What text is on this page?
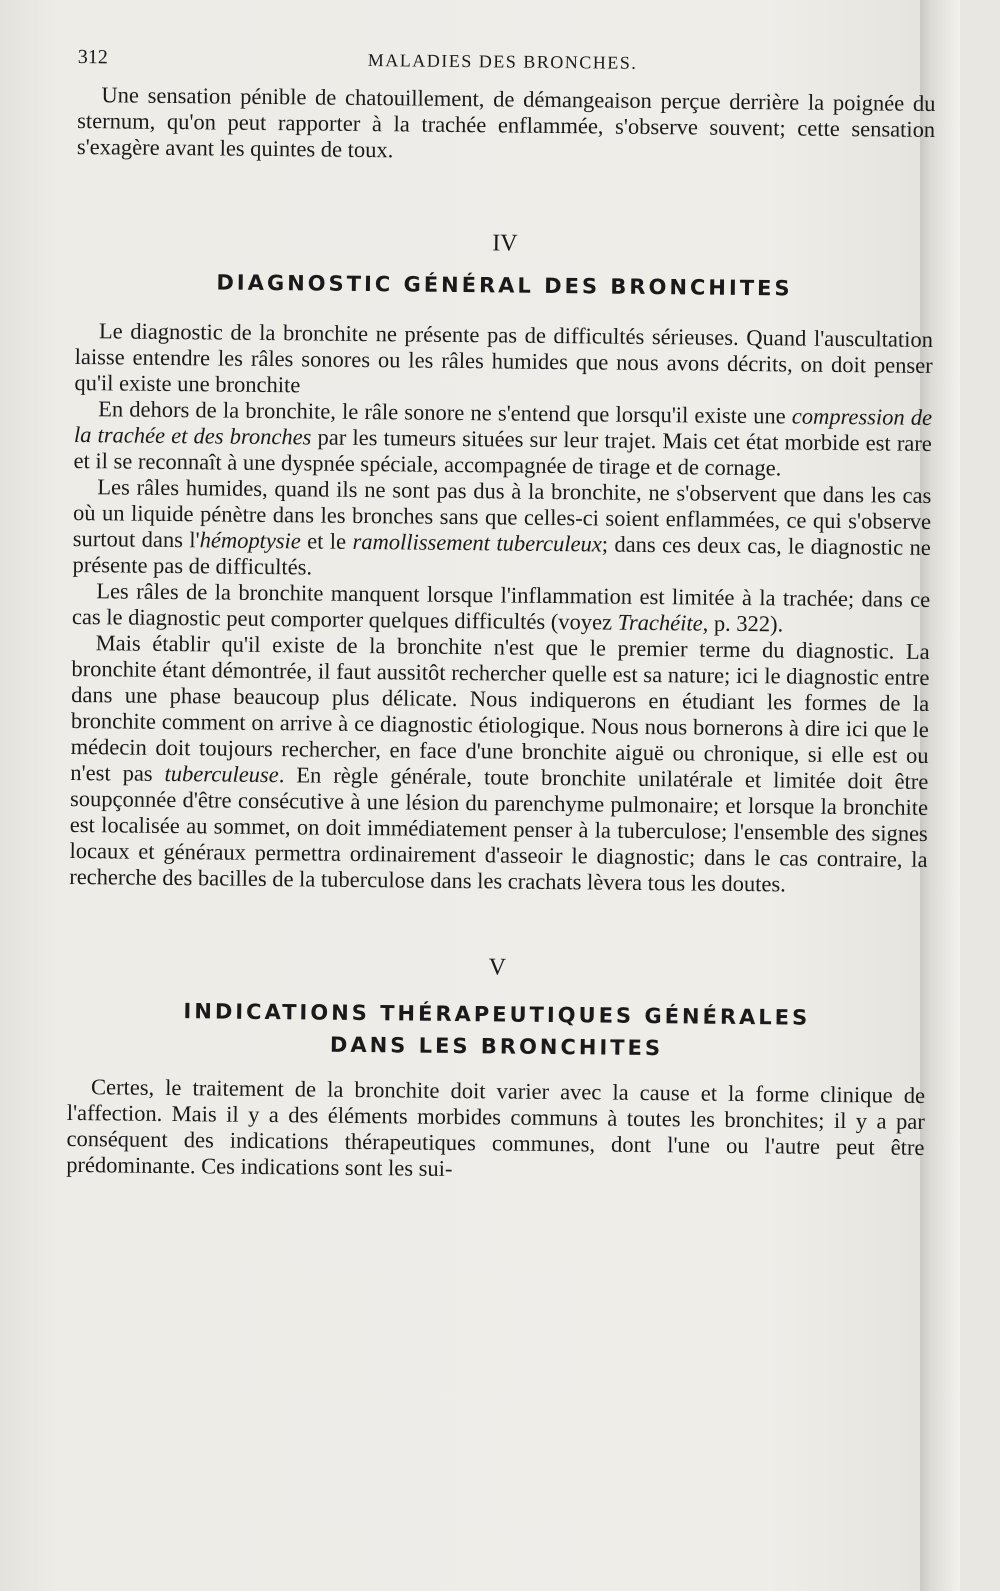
312	MALADIES DES BRONCHES.

Une sensation pénible de chatouillement, de démangeaison perçue derrière la poignée du sternum, qu'on peut rapporter à la trachée enflammée, s'observe souvent; cette sensation s'exagère avant les quintes de toux.

IV
DIAGNOSTIC GÉNÉRAL DES BRONCHITES

Le diagnostic de la bronchite ne présente pas de difficultés sérieuses. Quand l'auscultation laisse entendre les râles sonores ou les râles humides que nous avons décrits, on doit penser qu'il existe une bronchite

En dehors de la bronchite, le râle sonore ne s'entend que lorsqu'il existe une compression de la trachée et des bronches par les tumeurs situées sur leur trajet. Mais cet état morbide est rare et il se reconnaît à une dyspnée spéciale, accompagnée de tirage et de cornage.

Les râles humides, quand ils ne sont pas dus à la bronchite, ne s'observent que dans les cas où un liquide pénètre dans les bronches sans que celles-ci soient enflammées, ce qui s'observe surtout dans l'hémoptysie et le ramollissement tuberculeux; dans ces deux cas, le diagnostic ne présente pas de difficultés.

Les râles de la bronchite manquent lorsque l'inflammation est limitée à la trachée; dans ce cas le diagnostic peut comporter quelques difficultés (voyez Trachéite, p. 322).

Mais établir qu'il existe de la bronchite n'est que le premier terme du diagnostic. La bronchite étant démontrée, il faut aussitôt rechercher quelle est sa nature; ici le diagnostic entre dans une phase beaucoup plus délicate. Nous indiquerons en étudiant les formes de la bronchite comment on arrive à ce diagnostic étiologique. Nous nous bornerons à dire ici que le médecin doit toujours rechercher, en face d'une bronchite aiguë ou chronique, si elle est ou n'est pas tuberculeuse. En règle générale, toute bronchite unilatérale et limitée doit être soupçonnée d'être consécutive à une lésion du parenchyme pulmonaire; et lorsque la bronchite est localisée au sommet, on doit immédiatement penser à la tuberculose; l'ensemble des signes locaux et généraux permettra ordinairement d'asseoir le diagnostic; dans le cas contraire, la recherche des bacilles de la tuberculose dans les crachats lèvera tous les doutes.

V
INDICATIONS THÉRAPEUTIQUES GÉNÉRALES
DANS LES BRONCHITES

Certes, le traitement de la bronchite doit varier avec la cause et la forme clinique de l'affection. Mais il y a des éléments morbides communs à toutes les bronchites; il y a par conséquent des indications thérapeutiques communes, dont l'une ou l'autre peut être prédominante. Ces indications sont les sui-
